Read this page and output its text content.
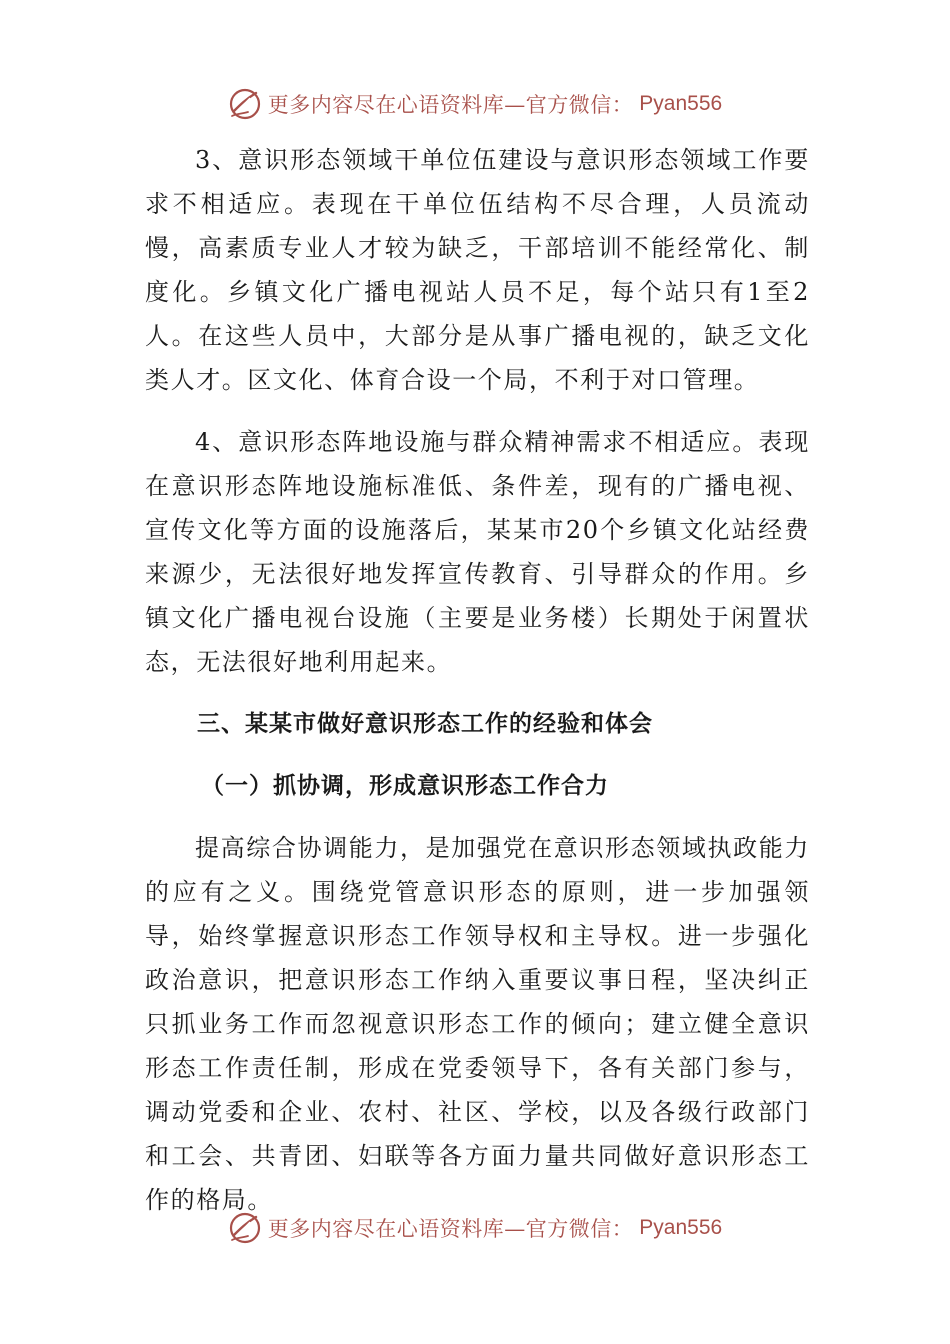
更多内容尽在心语资料库—官方微信： Pyan556

3、意识形态领域干单位伍建设与意识形态领域工作要求不相适应。表现在干单位伍结构不尽合理，人员流动慢，高素质专业人才较为缺乏，干部培训不能经常化、制度化。乡镇文化广播电视站人员不足，每个站只有1至2人。在这些人员中，大部分是从事广播电视的，缺乏文化类人才。区文化、体育合设一个局，不利于对口管理。

4、意识形态阵地设施与群众精神需求不相适应。表现在意识形态阵地设施标准低、条件差，现有的广播电视、宣传文化等方面的设施落后，某某市20个乡镇文化站经费来源少，无法很好地发挥宣传教育、引导群众的作用。乡镇文化广播电视台设施（主要是业务楼）长期处于闲置状态，无法很好地利用起来。

三、某某市做好意识形态工作的经验和体会
（一）抓协调，形成意识形态工作合力

提高综合协调能力，是加强党在意识形态领域执政能力的应有之义。围绕党管意识形态的原则，进一步加强领导，始终掌握意识形态工作领导权和主导权。进一步强化政治意识，把意识形态工作纳入重要议事日程，坚决纠正只抓业务工作而忽视意识形态工作的倾向；建立健全意识形态工作责任制，形成在党委领导下，各有关部门参与，调动党委和企业、农村、社区、学校，以及各级行政部门和工会、共青团、妇联等各方面力量共同做好意识形态工作的格局。

更多内容尽在心语资料库—官方微信： Pyan556
